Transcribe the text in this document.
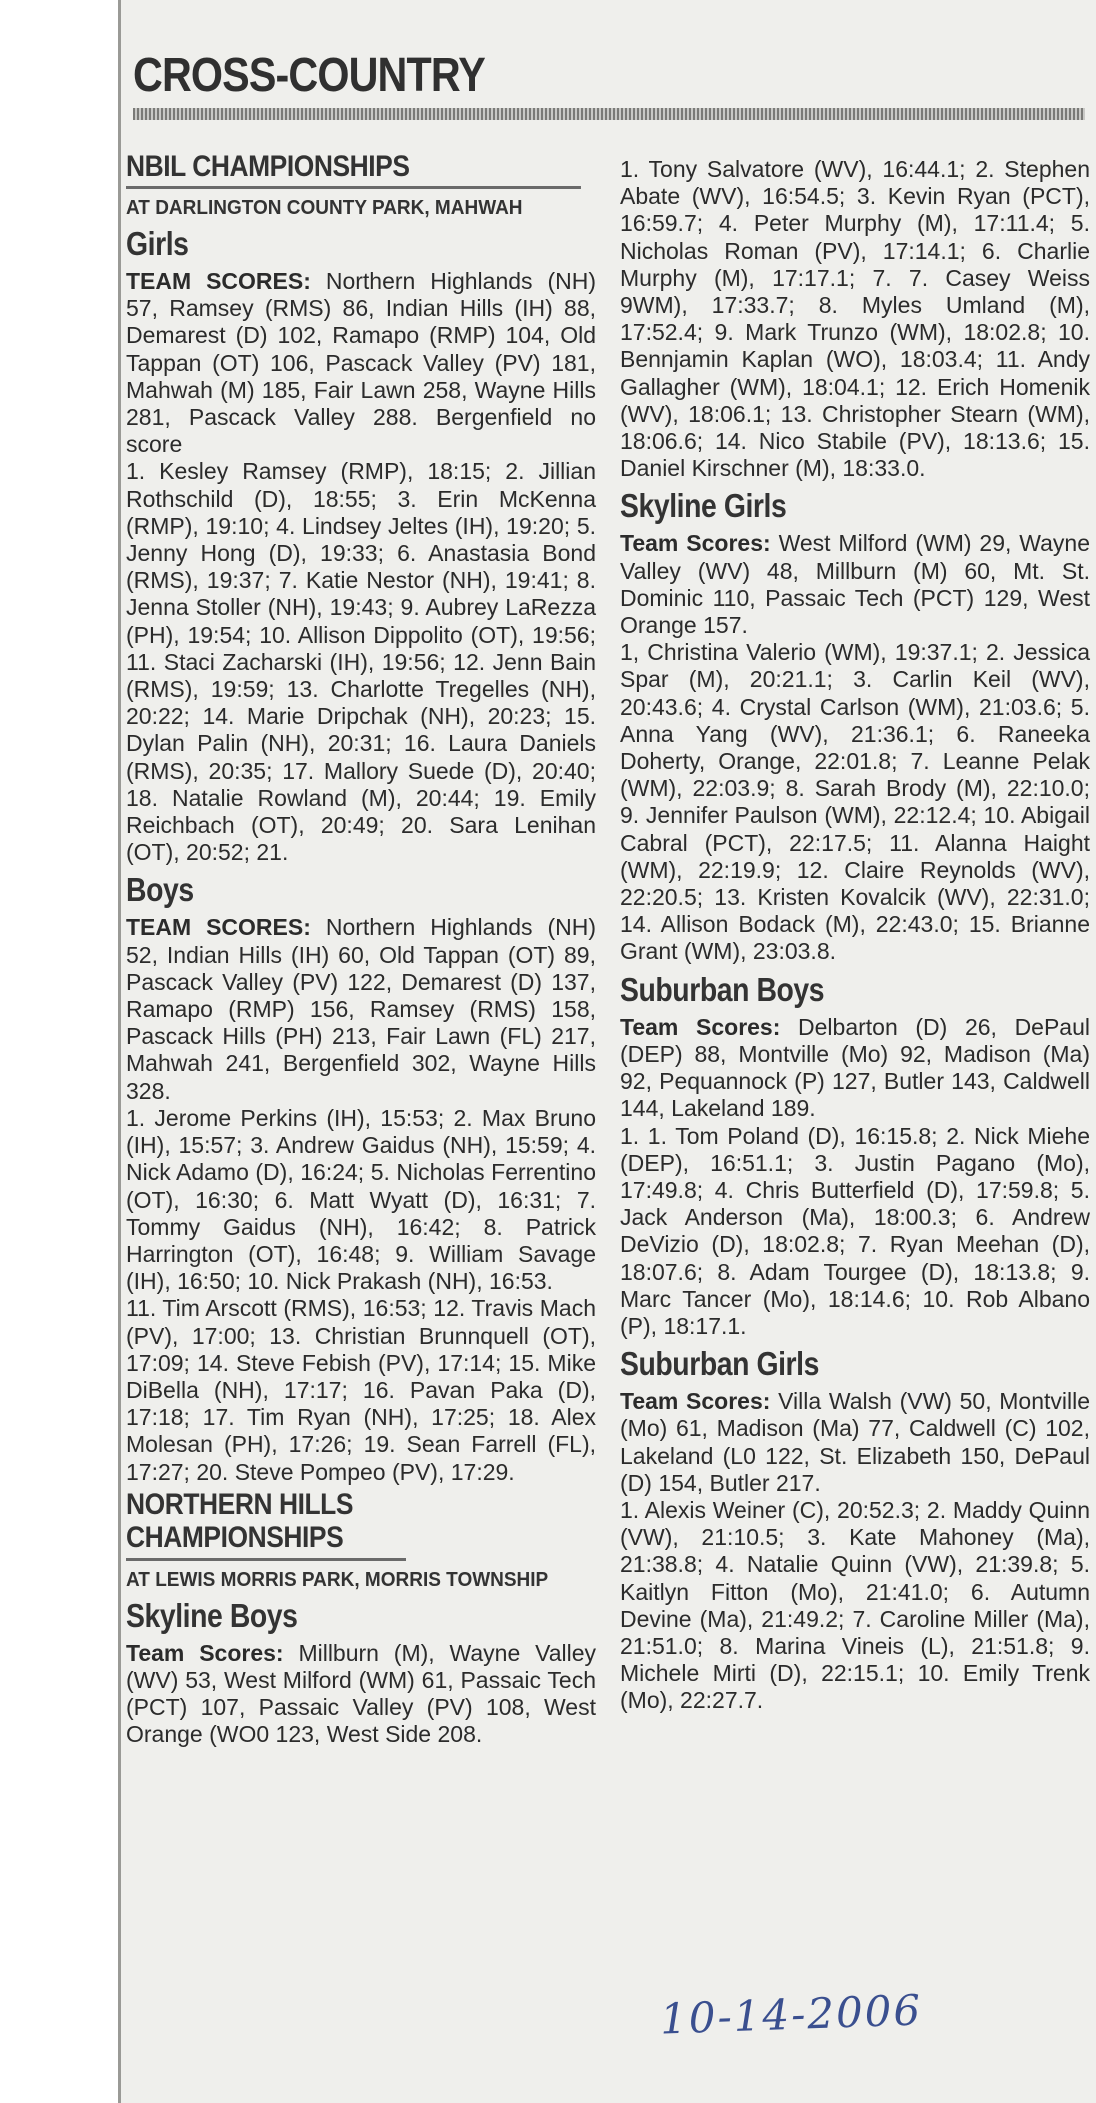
CROSS-COUNTRY
NBIL CHAMPIONSHIPS
AT DARLINGTON COUNTY PARK, MAHWAH
Girls

TEAM SCORES: Northern Highlands (NH) 57, Ramsey (RMS) 86, Indian Hills (IH) 88, Demarest (D) 102, Ramapo (RMP) 104, Old Tappan (OT) 106, Pascack Valley (PV) 181, Mahwah (M) 185, Fair Lawn 258, Wayne Hills 281, Pascack Valley 288. Bergenfield no score

1. Kesley Ramsey (RMP), 18:15; 2. Jillian Rothschild (D), 18:55; 3. Erin McKenna (RMP), 19:10; 4. Lindsey Jeltes (IH), 19:20; 5. Jenny Hong (D), 19:33; 6. Anastasia Bond (RMS), 19:37; 7. Katie Nestor (NH), 19:41; 8. Jenna Stoller (NH), 19:43; 9. Aubrey LaRezza (PH), 19:54; 10. Allison Dippolito (OT), 19:56; 11. Staci Zacharski (IH), 19:56; 12. Jenn Bain (RMS), 19:59; 13. Charlotte Tregelles (NH), 20:22; 14. Marie Dripchak (NH), 20:23; 15. Dylan Palin (NH), 20:31; 16. Laura Daniels (RMS), 20:35; 17. Mallory Suede (D), 20:40; 18. Natalie Rowland (M), 20:44; 19. Emily Reichbach (OT), 20:49; 20. Sara Lenihan (OT), 20:52; 21.

Boys

TEAM SCORES: Northern Highlands (NH) 52, Indian Hills (IH) 60, Old Tappan (OT) 89, Pascack Valley (PV) 122, Demarest (D) 137, Ramapo (RMP) 156, Ramsey (RMS) 158, Pascack Hills (PH) 213, Fair Lawn (FL) 217, Mahwah 241, Bergenfield 302, Wayne Hills 328.

1. Jerome Perkins (IH), 15:53; 2. Max Bruno (IH), 15:57; 3. Andrew Gaidus (NH), 15:59; 4. Nick Adamo (D), 16:24; 5. Nicholas Ferrentino (OT), 16:30; 6. Matt Wyatt (D), 16:31; 7. Tommy Gaidus (NH), 16:42; 8. Patrick Harrington (OT), 16:48; 9. William Savage (IH), 16:50; 10. Nick Prakash (NH), 16:53.

11. Tim Arscott (RMS), 16:53; 12. Travis Mach (PV), 17:00; 13. Christian Brunnquell (OT), 17:09; 14. Steve Febish (PV), 17:14; 15. Mike DiBella (NH), 17:17; 16. Pavan Paka (D), 17:18; 17. Tim Ryan (NH), 17:25; 18. Alex Molesan (PH), 17:26; 19. Sean Farrell (FL), 17:27; 20. Steve Pompeo (PV), 17:29.

NORTHERN HILLS CHAMPIONSHIPS
AT LEWIS MORRIS PARK, MORRIS TOWNSHIP
Skyline Boys

Team Scores: Millburn (M), Wayne Valley (WV) 53, West Milford (WM) 61, Passaic Tech (PCT) 107, Passaic Valley (PV) 108, West Orange (WO0 123, West Side 208.

1. Tony Salvatore (WV), 16:44.1; 2. Stephen Abate (WV), 16:54.5; 3. Kevin Ryan (PCT), 16:59.7; 4. Peter Murphy (M), 17:11.4; 5. Nicholas Roman (PV), 17:14.1; 6. Charlie Murphy (M), 17:17.1; 7. 7. Casey Weiss 9WM), 17:33.7; 8. Myles Umland (M), 17:52.4; 9. Mark Trunzo (WM), 18:02.8; 10. Bennjamin Kaplan (WO), 18:03.4; 11. Andy Gallagher (WM), 18:04.1; 12. Erich Homenik (WV), 18:06.1; 13. Christopher Stearn (WM), 18:06.6; 14. Nico Stabile (PV), 18:13.6; 15. Daniel Kirschner (M), 18:33.0.

Skyline Girls

Team Scores: West Milford (WM) 29, Wayne Valley (WV) 48, Millburn (M) 60, Mt. St. Dominic 110, Passaic Tech (PCT) 129, West Orange 157.

1, Christina Valerio (WM), 19:37.1; 2. Jessica Spar (M), 20:21.1; 3. Carlin Keil (WV), 20:43.6; 4. Crystal Carlson (WM), 21:03.6; 5. Anna Yang (WV), 21:36.1; 6. Raneeka Doherty, Orange, 22:01.8; 7. Leanne Pelak (WM), 22:03.9; 8. Sarah Brody (M), 22:10.0; 9. Jennifer Paulson (WM), 22:12.4; 10. Abigail Cabral (PCT), 22:17.5; 11. Alanna Haight (WM), 22:19.9; 12. Claire Reynolds (WV), 22:20.5; 13. Kristen Kovalcik (WV), 22:31.0; 14. Allison Bodack (M), 22:43.0; 15. Brianne Grant (WM), 23:03.8.

Suburban Boys

Team Scores: Delbarton (D) 26, DePaul (DEP) 88, Montville (Mo) 92, Madison (Ma) 92, Pequannock (P) 127, Butler 143, Caldwell 144, Lakeland 189.

1. 1. Tom Poland (D), 16:15.8; 2. Nick Miehe (DEP), 16:51.1; 3. Justin Pagano (Mo), 17:49.8; 4. Chris Butterfield (D), 17:59.8; 5. Jack Anderson (Ma), 18:00.3; 6. Andrew DeVizio (D), 18:02.8; 7. Ryan Meehan (D), 18:07.6; 8. Adam Tourgee (D), 18:13.8; 9. Marc Tancer (Mo), 18:14.6; 10. Rob Albano (P), 18:17.1.

Suburban Girls

Team Scores: Villa Walsh (VW) 50, Montville (Mo) 61, Madison (Ma) 77, Caldwell (C) 102, Lakeland (L0 122, St. Elizabeth 150, DePaul (D) 154, Butler 217.

1. Alexis Weiner (C), 20:52.3; 2. Maddy Quinn (VW), 21:10.5; 3. Kate Mahoney (Ma), 21:38.8; 4. Natalie Quinn (VW), 21:39.8; 5. Kaitlyn Fitton (Mo), 21:41.0; 6. Autumn Devine (Ma), 21:49.2; 7. Caroline Miller (Ma), 21:51.0; 8. Marina Vineis (L), 21:51.8; 9. Michele Mirti (D), 22:15.1; 10. Emily Trenk (Mo), 22:27.7.

10-14-2006
